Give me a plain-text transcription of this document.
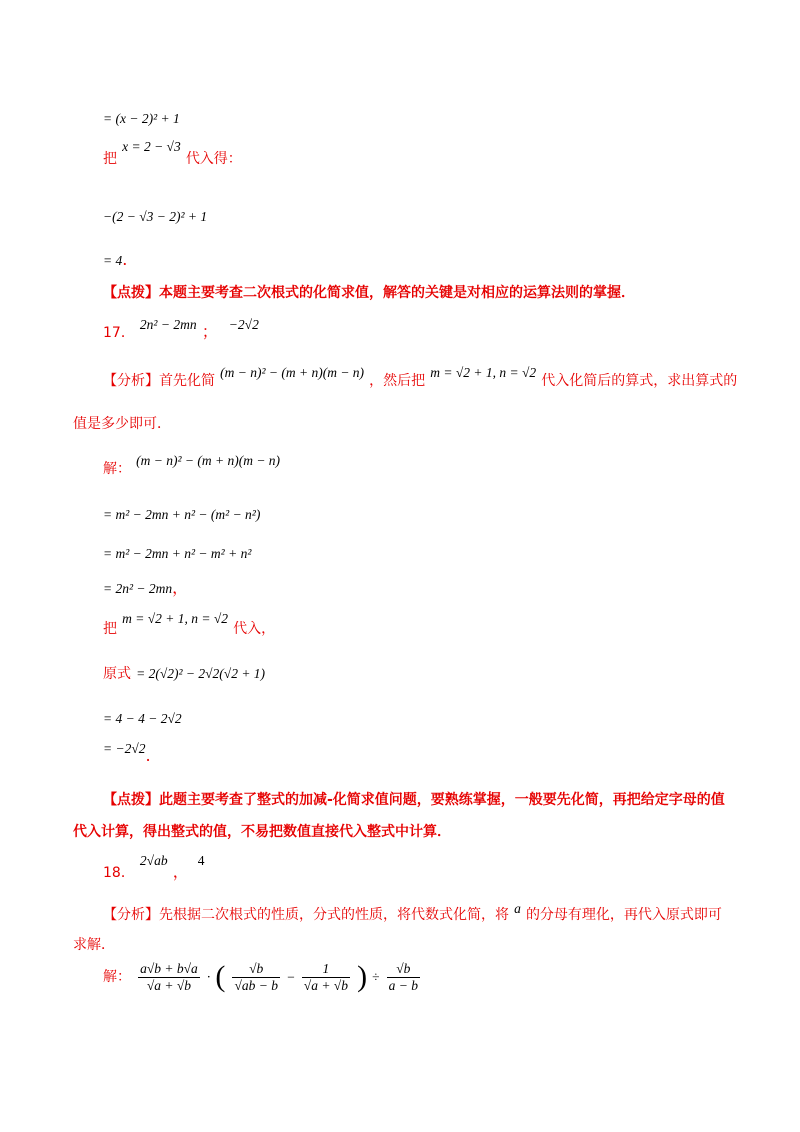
= (x − 2)² + 1
把 $^{x = 2 - √3}$ 代入得：
−(2 − √3 − 2)² + 1
= 4.
【点拨】本题主要考查二次根式的化简求值，解答的关键是对相应的运算法则的掌握．
17． 2n² − 2mn ； −2√2
【分析】首先化简 $^{(m - n)^2 - (m + n)(m - n)}$ ，然后把 $^{m = √2 + 1, n = √2}$ 代入化简后的算式，求出算式的
值是多少即可．
解： (m − n)² − (m + n)(m − n)
= m² − 2mn + n² − (m² − n²)
= m² − 2mn + n² − m² + n²
= 2n² − 2mn，
把 $^{m = √2 + 1, n = √2}$ 代入，
原式 = 2(√2)² − 2√2(√2 + 1)
= 4 − 4 − 2√2
= −2√2.
【点拨】此题主要考查了整式的加减-化简求值问题，要熟练掌握，一般要先化简，再把给定字母的值
代入计算，得出整式的值，不易把数值直接代入整式中计算．
18． 2√ab ， 4
【分析】先根据二次根式的性质，分式的性质，将代数式化简，将 $^a$ 的分母有理化，再代入原式即可
求解．
解： $\frac{a√b + b√a}{√a + √b}$ · ( $\frac{√b}{√ab - b} - \frac{1}{√a + √b}$ ) ÷ $\frac{√b}{a - b}$
